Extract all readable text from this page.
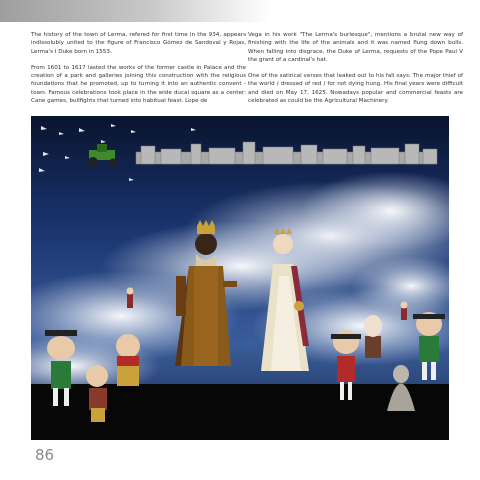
The history of the town of Lerma, refered for first time in the 934, appears indissolubly united to the figure of Francisco Gómez de Sandoval y Rojas, Lerma's I Duke born in 1553.

From 1601 to 1617 lasted the works of the former castle in Palace and the creation of a park and galleries joining this construction with the religious foundations that he promoted, up to turning it into an authentic convent - town. Famous celebrations took place in the wide ducal square as a center: Cane games, bullfights that turned into habitual feast. Lope de

Vega in his work "The Lerma's burlesque", mentions a brutal new way of finishing with the life of the animals and it was named flung down bulls. When falling into disgrace, the Duke of Lerma, requests of the Pope Paul V the grant of a cardinal's hat.

One of the satirical verses that leaked out to his fall says: The major thief of the world / dressed of red / for not dying hung. His final years were difficult and died on May 17, 1625. Nowadays popular and commercial feasts are celebrated as could be the Agricultural Machinery.

86
